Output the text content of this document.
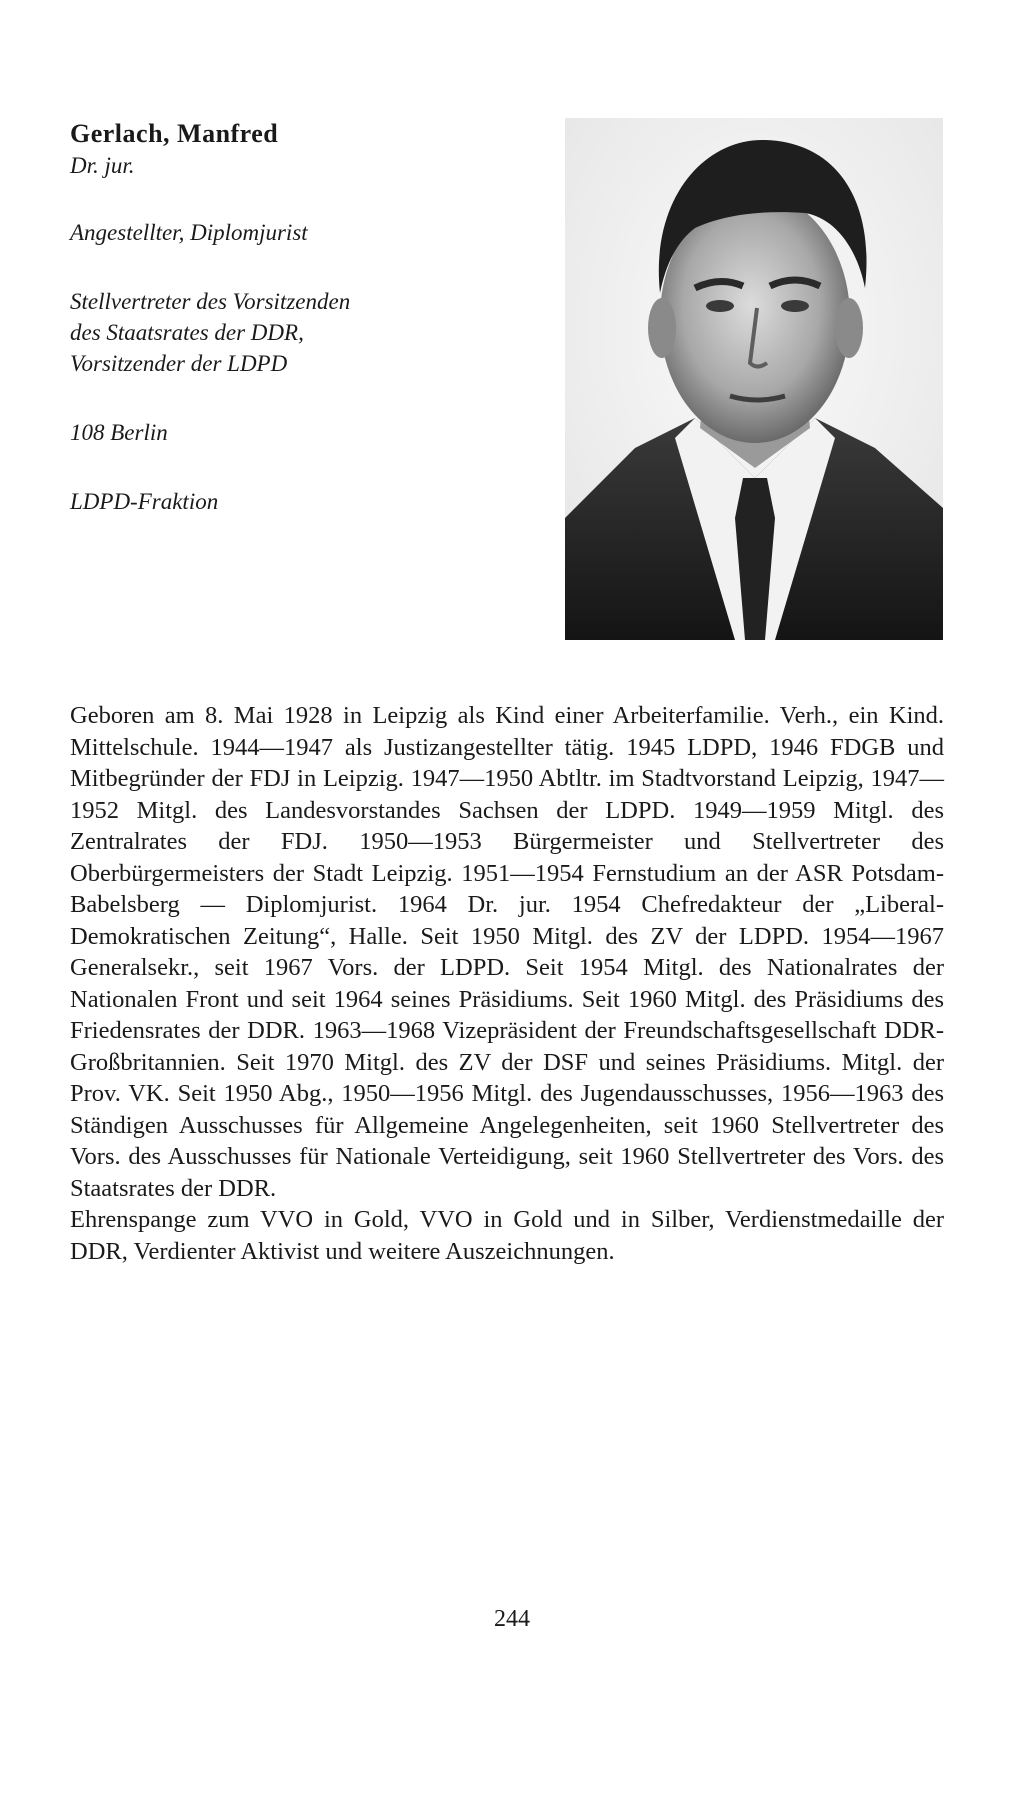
Gerlach, Manfred

Dr. jur.

Angestellter, Diplomjurist

Stellvertreter des Vorsitzenden

des Staatsrates der DDR,

Vorsitzender der LDPD

108 Berlin

LDPD-Fraktion

Geboren am 8. Mai 1928 in Leipzig als Kind einer Arbeiterfamilie. Verh., ein Kind. Mittelschule. 1944—1947 als Justizangestellter tätig. 1945 LDPD, 1946 FDGB und Mitbegründer der FDJ in Leipzig. 1947—1950 Abtltr. im Stadtvorstand Leipzig, 1947—1952 Mitgl. des Landesvorstandes Sachsen der LDPD. 1949—1959 Mitgl. des Zentralrates der FDJ. 1950—1953 Bürgermeister und Stellvertreter des Oberbürgermeisters der Stadt Leipzig. 1951—1954 Fernstudium an der ASR Potsdam-Babelsberg — Diplomjurist. 1964 Dr. jur. 1954 Chefredakteur der „Liberal-Demokratischen Zeitung“, Halle. Seit 1950 Mitgl. des ZV der LDPD. 1954—1967 Generalsekr., seit 1967 Vors. der LDPD. Seit 1954 Mitgl. des Nationalrates der Nationalen Front und seit 1964 seines Präsidiums. Seit 1960 Mitgl. des Präsidiums des Friedensrates der DDR. 1963—1968 Vizepräsident der Freundschaftsgesellschaft DDR-Großbritannien. Seit 1970 Mitgl. des ZV der DSF und seines Präsidiums. Mitgl. der Prov. VK. Seit 1950 Abg., 1950—1956 Mitgl. des Jugendausschusses, 1956—1963 des Ständigen Ausschusses für Allgemeine Angelegenheiten, seit 1960 Stellvertreter des Vors. des Ausschusses für Nationale Verteidigung, seit 1960 Stellvertreter des Vors. des Staatsrates der DDR.

Ehrenspange zum VVO in Gold, VVO in Gold und in Silber, Verdienstmedaille der DDR, Verdienter Aktivist und weitere Auszeichnungen.

244
